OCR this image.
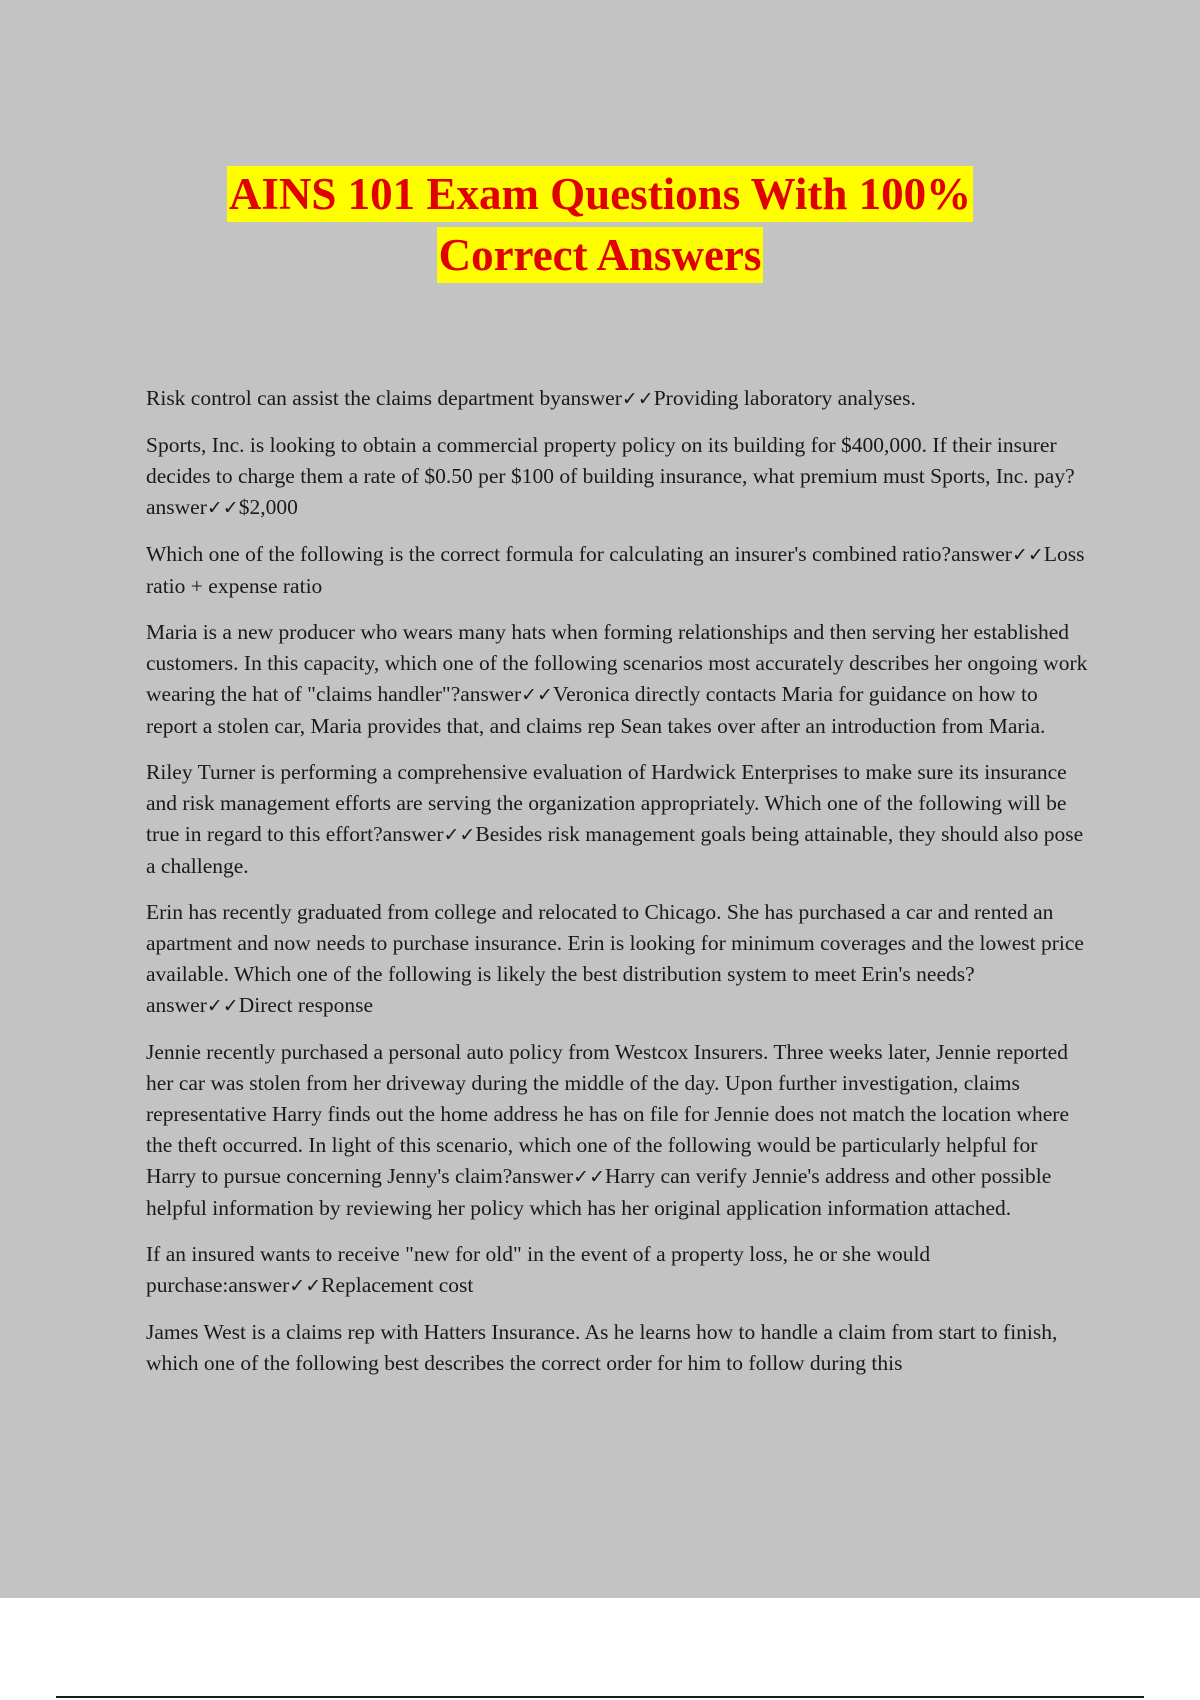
AINS 101 Exam Questions With 100%
Correct Answers

Risk control can assist the claims department byanswer✓✓Providing laboratory analyses.

Sports, Inc. is looking to obtain a commercial property policy on its building for $400,000. If their insurer decides to charge them a rate of $0.50 per $100 of building insurance, what premium must Sports, Inc. pay?answer✓✓$2,000

Which one of the following is the correct formula for calculating an insurer's combined ratio?answer✓✓Loss ratio + expense ratio

Maria is a new producer who wears many hats when forming relationships and then serving her established customers. In this capacity, which one of the following scenarios most accurately describes her ongoing work wearing the hat of "claims handler"?answer✓✓Veronica directly contacts Maria for guidance on how to report a stolen car, Maria provides that, and claims rep Sean takes over after an introduction from Maria.

Riley Turner is performing a comprehensive evaluation of Hardwick Enterprises to make sure its insurance and risk management efforts are serving the organization appropriately. Which one of the following will be true in regard to this effort?answer✓✓Besides risk management goals being attainable, they should also pose a challenge.

Erin has recently graduated from college and relocated to Chicago. She has purchased a car and rented an apartment and now needs to purchase insurance. Erin is looking for minimum coverages and the lowest price available. Which one of the following is likely the best distribution system to meet Erin's needs?answer✓✓Direct response

Jennie recently purchased a personal auto policy from Westcox Insurers. Three weeks later, Jennie reported her car was stolen from her driveway during the middle of the day. Upon further investigation, claims representative Harry finds out the home address he has on file for Jennie does not match the location where the theft occurred. In light of this scenario, which one of the following would be particularly helpful for Harry to pursue concerning Jenny's claim?answer✓✓Harry can verify Jennie's address and other possible helpful information by reviewing her policy which has her original application information attached.

If an insured wants to receive "new for old" in the event of a property loss, he or she would purchase:answer✓✓Replacement cost

James West is a claims rep with Hatters Insurance. As he learns how to handle a claim from start to finish, which one of the following best describes the correct order for him to follow during this
